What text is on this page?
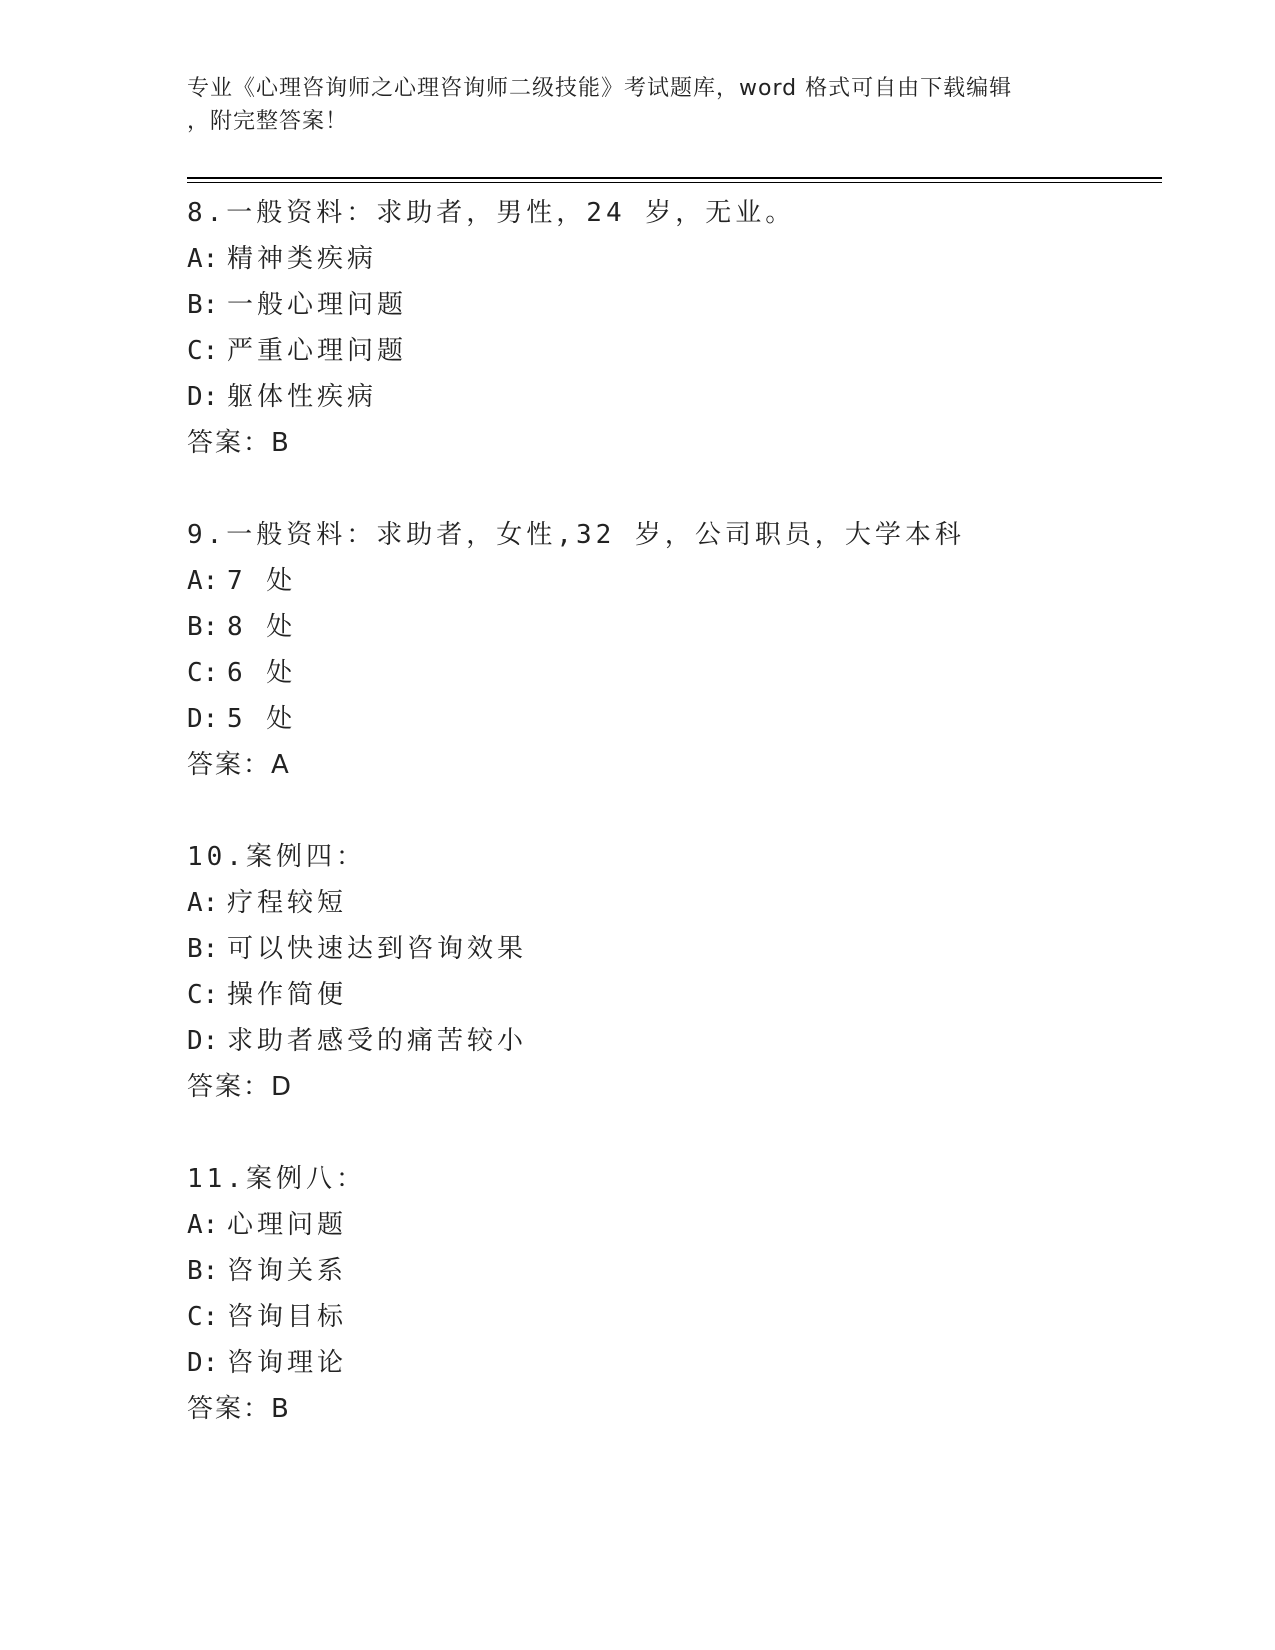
专业《心理咨询师之心理咨询师二级技能》考试题库，word 格式可自由下载编辑
，附完整答案！
8.一般资料：求助者，男性，24 岁，无业。
A: 精神类疾病
B: 一般心理问题
C: 严重心理问题
D: 躯体性疾病
答案：B
9.一般资料：求助者，女性,32 岁，公司职员，大学本科
A: 7 处
B: 8 处
C: 6 处
D: 5 处
答案：A
10.案例四：
A: 疗程较短
B: 可以快速达到咨询效果
C: 操作简便
D: 求助者感受的痛苦较小
答案：D
11.案例八：
A: 心理问题
B: 咨询关系
C: 咨询目标
D: 咨询理论
答案：B
